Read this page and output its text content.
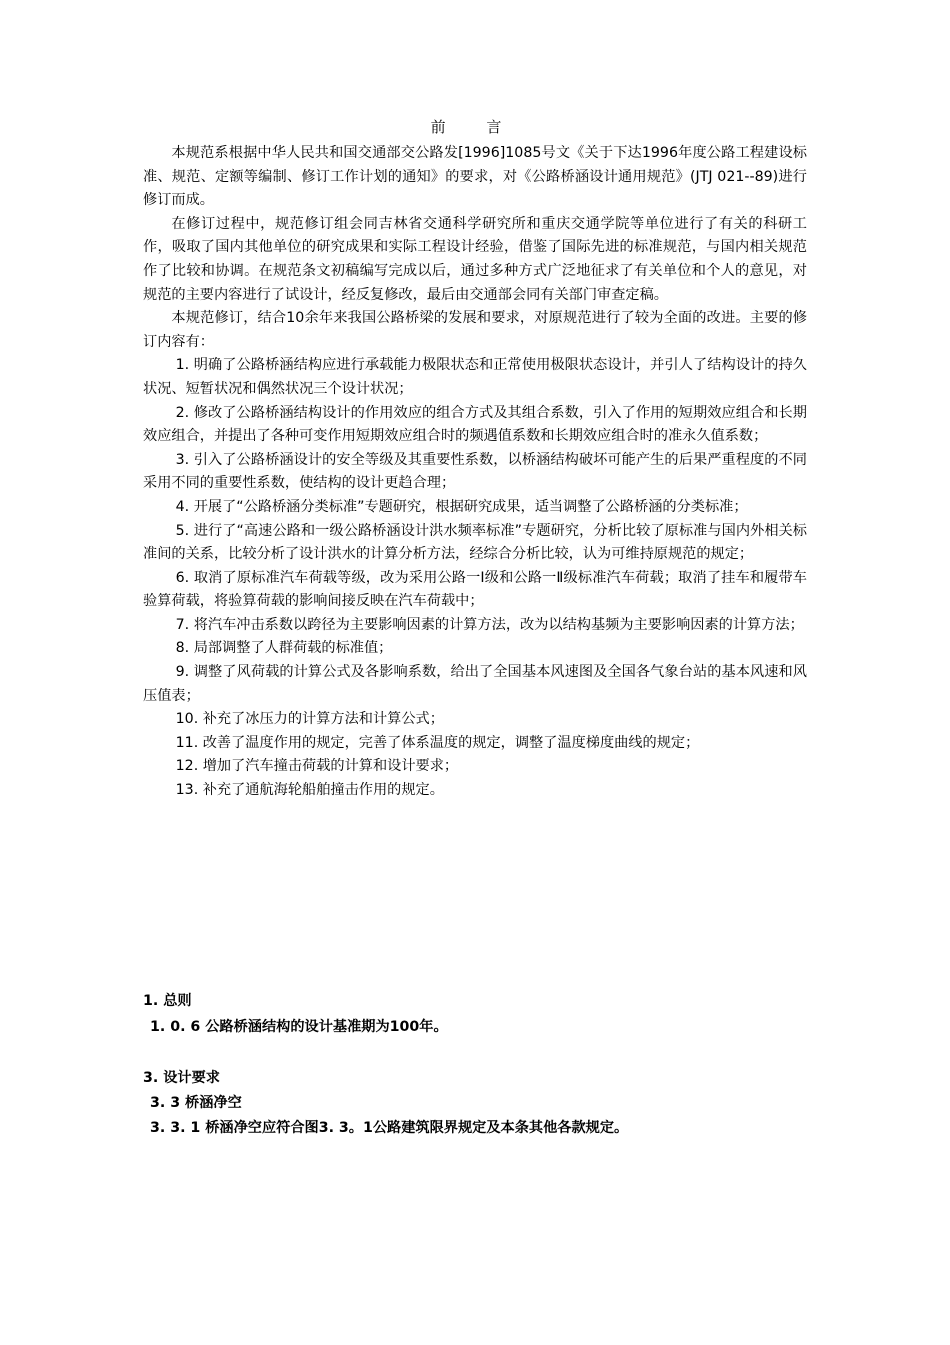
前 言

本规范系根据中华人民共和国交通部交公路发[1996]1085号文《关于下达1996年度公路工程建设标准、规范、定额等编制、修订工作计划的通知》的要求，对《公路桥涵设计通用规范》(JTJ 021--89)进行修订而成。

在修订过程中，规范修订组会同吉林省交通科学研究所和重庆交通学院等单位进行了有关的科研工作，吸取了国内其他单位的研究成果和实际工程设计经验，借鉴了国际先进的标准规范，与国内相关规范作了比较和协调。在规范条文初稿编写完成以后，通过多种方式广泛地征求了有关单位和个人的意见，对规范的主要内容进行了试设计，经反复修改，最后由交通部会同有关部门审查定稿。

本规范修订，结合10余年来我国公路桥梁的发展和要求，对原规范进行了较为全面的改进。主要的修订内容有：

1. 明确了公路桥涵结构应进行承载能力极限状态和正常使用极限状态设计，并引人了结构设计的持久状况、短暂状况和偶然状况三个设计状况；

2. 修改了公路桥涵结构设计的作用效应的组合方式及其组合系数，引入了作用的短期效应组合和长期效应组合，并提出了各种可变作用短期效应组合时的频遇值系数和长期效应组合时的准永久值系数；

3. 引入了公路桥涵设计的安全等级及其重要性系数，以桥涵结构破坏可能产生的后果严重程度的不同采用不同的重要性系数，使结构的设计更趋合理；

4. 开展了“公路桥涵分类标准”专题研究，根据研究成果，适当调整了公路桥涵的分类标准；

5. 进行了“高速公路和一级公路桥涵设计洪水频率标准”专题研究，分析比较了原标准与国内外相关标准间的关系，比较分析了设计洪水的计算分析方法，经综合分析比较，认为可维持原规范的规定；

6. 取消了原标准汽车荷载等级，改为采用公路一Ⅰ级和公路一Ⅱ级标准汽车荷载；取消了挂车和履带车验算荷载，将验算荷载的影响间接反映在汽车荷载中；

7. 将汽车冲击系数以跨径为主要影响因素的计算方法，改为以结构基频为主要影响因素的计算方法；

8. 局部调整了人群荷载的标准值；

9. 调整了风荷载的计算公式及各影响系数，给出了全国基本风速图及全国各气象台站的基本风速和风压值表；

10. 补充了冰压力的计算方法和计算公式；

11. 改善了温度作用的规定，完善了体系温度的规定，调整了温度梯度曲线的规定；

12. 增加了汽车撞击荷载的计算和设计要求；

13. 补充了通航海轮船舶撞击作用的规定。

1. 总则
1. 0. 6 公路桥涵结构的设计基准期为100年。
3. 设计要求
3. 3 桥涵净空
3. 3. 1 桥涵净空应符合图3. 3。1公路建筑限界规定及本条其他各款规定。
